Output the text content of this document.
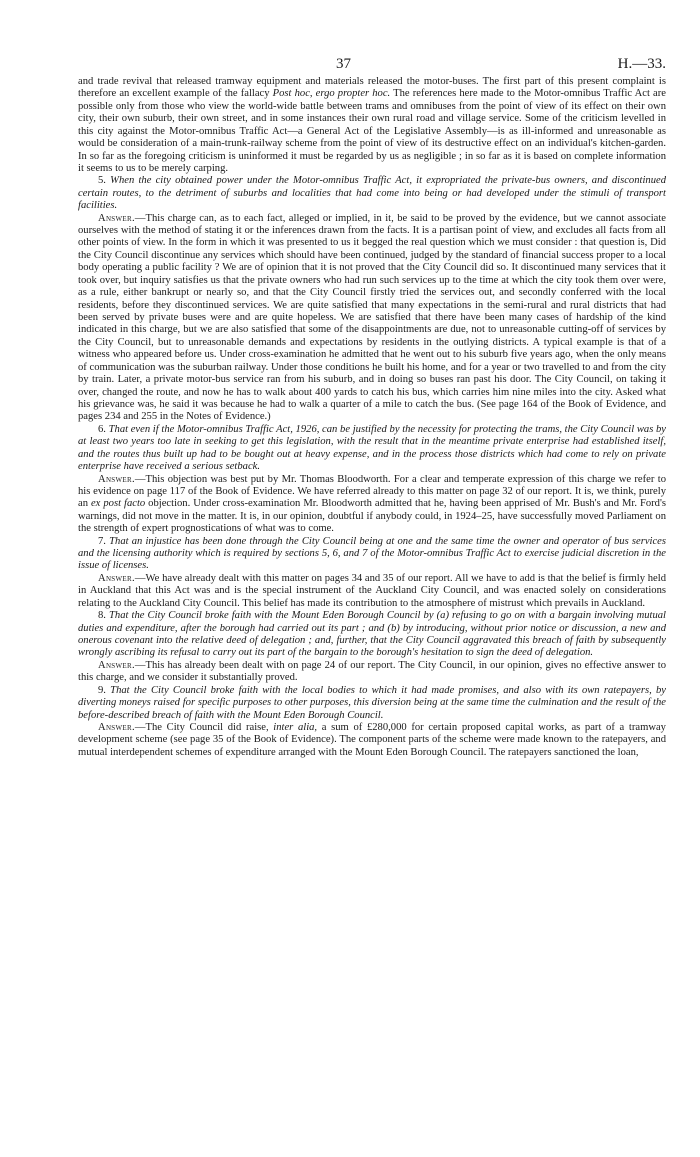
37	H.—33.

and trade revival that released tramway equipment and materials released the motor-buses. The first part of this present complaint is therefore an excellent example of the fallacy Post hoc, ergo propter hoc. The references here made to the Motor-omnibus Traffic Act are possible only from those who view the world-wide battle between trams and omnibuses from the point of view of its effect on their own city, their own suburb, their own street, and in some instances their own rural road and village service. Some of the criticism levelled in this city against the Motor-omnibus Traffic Act—a General Act of the Legislative Assembly—is as ill-informed and unreasonable as would be consideration of a main-trunk-railway scheme from the point of view of its destructive effect on an individual's kitchen-garden. In so far as the foregoing criticism is uninformed it must be regarded by us as negligible ; in so far as it is based on complete information it seems to us to be merely carping.

5. When the city obtained power under the Motor-omnibus Traffic Act, it expropriated the private-bus owners, and discontinued certain routes, to the detriment of suburbs and localities that had come into being or had developed under the stimuli of transport facilities.

Answer.—This charge can, as to each fact, alleged or implied, in it, be said to be proved by the evidence, but we cannot associate ourselves with the method of stating it or the inferences drawn from the facts. It is a partisan point of view, and excludes all facts from all other points of view. In the form in which it was presented to us it begged the real question which we must consider : that question is, Did the City Council discontinue any services which should have been continued, judged by the standard of financial success proper to a local body operating a public facility ? We are of opinion that it is not proved that the City Council did so. It discontinued many services that it took over, but inquiry satisfies us that the private owners who had run such services up to the time at which the city took them over were, as a rule, either bankrupt or nearly so, and that the City Council firstly tried the services out, and secondly conferred with the local residents, before they discontinued services. We are quite satisfied that many expectations in the semi-rural and rural districts that had been served by private buses were and are quite hopeless. We are satisfied that there have been many cases of hardship of the kind indicated in this charge, but we are also satisfied that some of the disappointments are due, not to unreasonable cutting-off of services by the City Council, but to unreasonable demands and expectations by residents in the outlying districts. A typical example is that of a witness who appeared before us. Under cross-examination he admitted that he went out to his suburb five years ago, when the only means of communication was the suburban railway. Under those conditions he built his home, and for a year or two travelled to and from the city by train. Later, a private motor-bus service ran from his suburb, and in doing so buses ran past his door. The City Council, on taking it over, changed the route, and now he has to walk about 400 yards to catch his bus, which carries him nine miles into the city. Asked what his grievance was, he said it was because he had to walk a quarter of a mile to catch the bus. (See page 164 of the Book of Evidence, and pages 234 and 255 in the Notes of Evidence.)

6. That even if the Motor-omnibus Traffic Act, 1926, can be justified by the necessity for protecting the trams, the City Council was by at least two years too late in seeking to get this legislation, with the result that in the meantime private enterprise had established itself, and the routes thus built up had to be bought out at heavy expense, and in the process those districts which had come to rely on private enterprise have received a serious setback.

Answer.—This objection was best put by Mr. Thomas Bloodworth. For a clear and temperate expression of this charge we refer to his evidence on page 117 of the Book of Evidence. We have referred already to this matter on page 32 of our report. It is, we think, purely an ex post facto objection. Under cross-examination Mr. Bloodworth admitted that he, having been apprised of Mr. Bush's and Mr. Ford's warnings, did not move in the matter. It is, in our opinion, doubtful if anybody could, in 1924–25, have successfully moved Parliament on the strength of expert prognostications of what was to come.

7. That an injustice has been done through the City Council being at one and the same time the owner and operator of bus services and the licensing authority which is required by sections 5, 6, and 7 of the Motor-omnibus Traffic Act to exercise judicial discretion in the issue of licenses.

Answer.—We have already dealt with this matter on pages 34 and 35 of our report. All we have to add is that the belief is firmly held in Auckland that this Act was and is the special instrument of the Auckland City Council, and was enacted solely on considerations relating to the Auckland City Council. This belief has made its contribution to the atmosphere of mistrust which prevails in Auckland.

8. That the City Council broke faith with the Mount Eden Borough Council by (a) refusing to go on with a bargain involving mutual duties and expenditure, after the borough had carried out its part ; and (b) by introducing, without prior notice or discussion, a new and onerous covenant into the relative deed of delegation ; and, further, that the City Council aggravated this breach of faith by subsequently wrongly ascribing its refusal to carry out its part of the bargain to the borough's hesitation to sign the deed of delegation.

Answer.—This has already been dealt with on page 24 of our report. The City Council, in our opinion, gives no effective answer to this charge, and we consider it substantially proved.

9. That the City Council broke faith with the local bodies to which it had made promises, and also with its own ratepayers, by diverting moneys raised for specific purposes to other purposes, this diversion being at the same time the culmination and the result of the before-described breach of faith with the Mount Eden Borough Council.

Answer.—The City Council did raise, inter alia, a sum of £280,000 for certain proposed capital works, as part of a tramway development scheme (see page 35 of the Book of Evidence). The component parts of the scheme were made known to the ratepayers, and mutual interdependent schemes of expenditure arranged with the Mount Eden Borough Council. The ratepayers sanctioned the loan,
